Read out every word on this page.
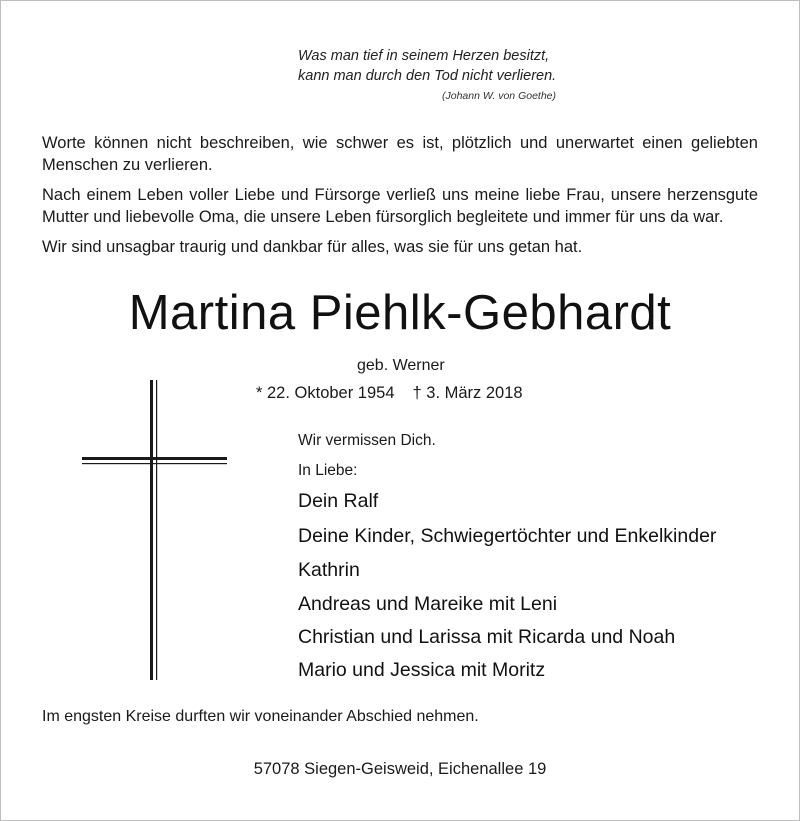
Was man tief in seinem Herzen besitzt,
kann man durch den Tod nicht verlieren.
(Johann W. von Goethe)

Worte können nicht beschreiben, wie schwer es ist, plötzlich und unerwartet einen geliebten Menschen zu verlieren.

Nach einem Leben voller Liebe und Fürsorge verließ uns meine liebe Frau, unsere herzensgute Mutter und liebevolle Oma, die unsere Leben fürsorglich begleitete und immer für uns da war.

Wir sind unsagbar traurig und dankbar für alles, was sie für uns getan hat.

Martina Piehlk-Gebhardt
geb. Werner
* 22. Oktober 1954 † 3. März 2018
Wir vermissen Dich.
In Liebe:
Dein Ralf
Deine Kinder, Schwiegertöchter und Enkelkinder
Kathrin
Andreas und Mareike mit Leni
Christian und Larissa mit Ricarda und Noah
Mario und Jessica mit Moritz
Im engsten Kreise durften wir voneinander Abschied nehmen.
57078 Siegen-Geisweid, Eichenallee 19
